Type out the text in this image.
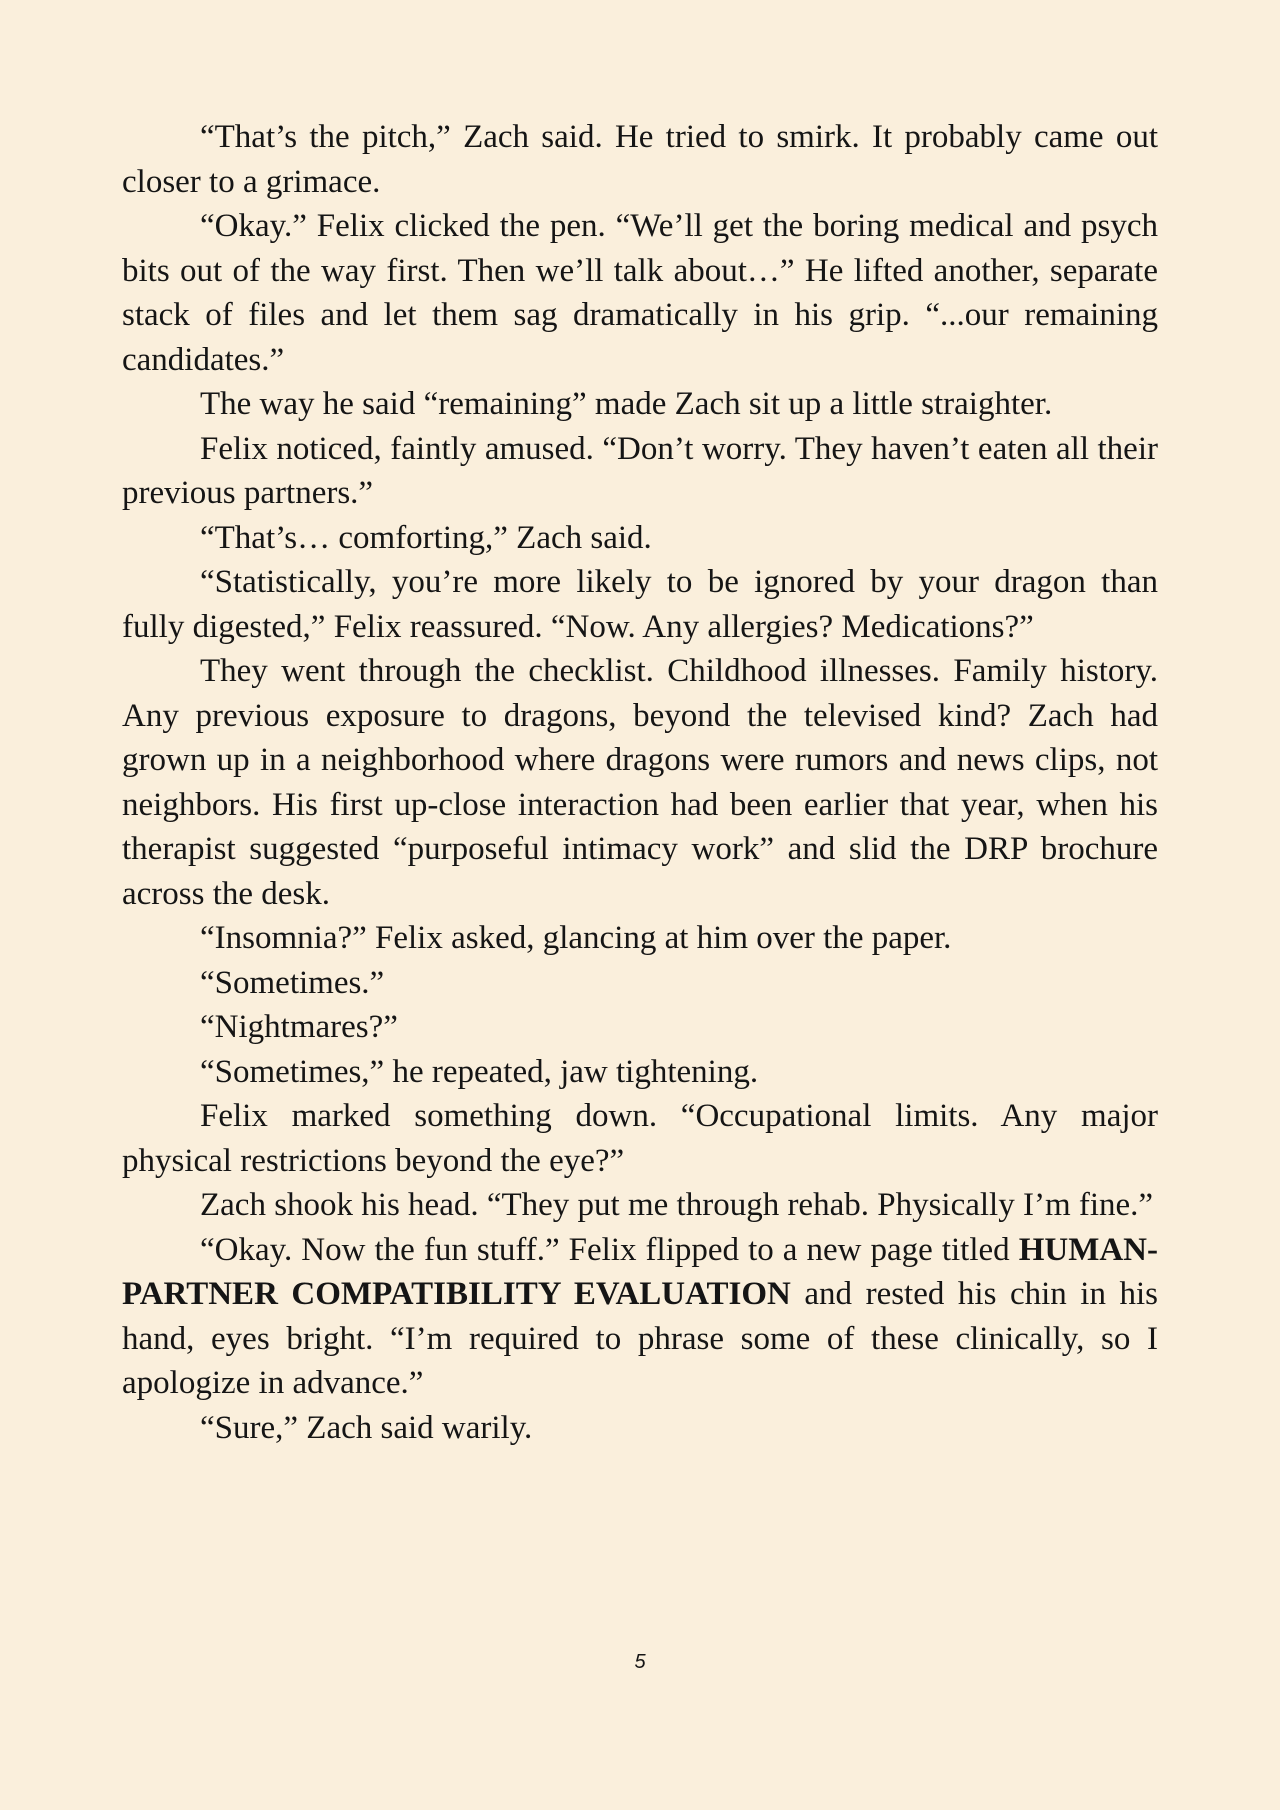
“That’s the pitch,” Zach said. He tried to smirk. It probably came out closer to a grimace.

“Okay.” Felix clicked the pen. “We’ll get the boring medical and psych bits out of the way first. Then we’ll talk about…” He lifted another, separate stack of files and let them sag dramatically in his grip. “...our remaining candidates.”

The way he said “remaining” made Zach sit up a little straighter.

Felix noticed, faintly amused. “Don’t worry. They haven’t eaten all their previous partners.”

“That’s… comforting,” Zach said.

“Statistically, you’re more likely to be ignored by your dragon than fully digested,” Felix reassured. “Now. Any allergies? Medications?”

They went through the checklist. Childhood illnesses. Family history. Any previous exposure to dragons, beyond the televised kind? Zach had grown up in a neighborhood where dragons were rumors and news clips, not neighbors. His first up-close interaction had been earlier that year, when his therapist suggested “purposeful intimacy work” and slid the DRP brochure across the desk.

“Insomnia?” Felix asked, glancing at him over the paper.

“Sometimes.”

“Nightmares?”

“Sometimes,” he repeated, jaw tightening.

Felix marked something down. “Occupational limits. Any major physical restrictions beyond the eye?”

Zach shook his head. “They put me through rehab. Physically I’m fine.”

“Okay. Now the fun stuff.” Felix flipped to a new page titled HUMAN-PARTNER COMPATIBILITY EVALUATION and rested his chin in his hand, eyes bright. “I’m required to phrase some of these clinically, so I apologize in advance.”

“Sure,” Zach said warily.

5
